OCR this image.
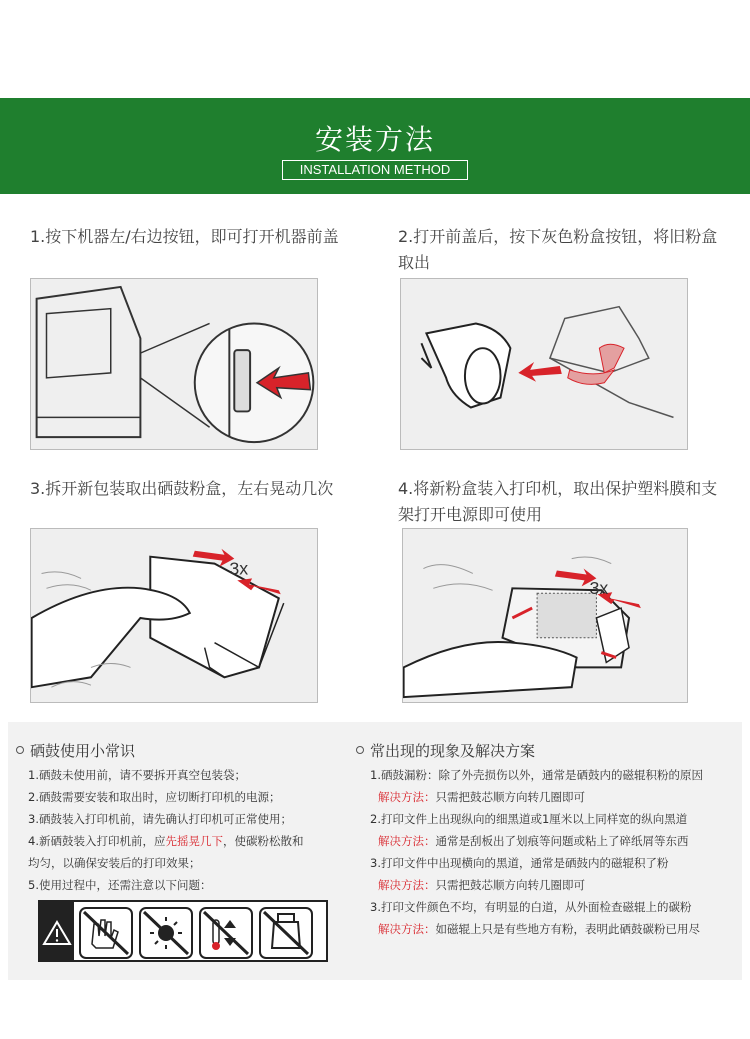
安装方法
INSTALLATION METHOD
1.按下机器左/右边按钮，即可打开机器前盖	2.打开前盖后，按下灰色粉盒按钮，将旧粉盒取出
3.拆开新包装取出硒鼓粉盒，左右晃动几次
3x
4.将新粉盒装入打印机，取出保护塑料膜和支架打开电源即可使用
3x
硒鼓使用小常识
1.硒鼓未使用前，请不要拆开真空包装袋；
2.硒鼓需要安装和取出时，应切断打印机的电源；
3.硒鼓装入打印机前，请先确认打印机可正常使用；
4.新硒鼓装入打印机前，应先摇晃几下，使碳粉松散和
均匀，以确保安装后的打印效果；
5.使用过程中，还需注意以下问题：
常出现的现象及解决方案
1.硒鼓漏粉：除了外壳损伤以外，通常是硒鼓内的磁辊积粉的原因
解决方法：只需把鼓芯顺方向转几圈即可
2.打印文件上出现纵向的细黑道或1厘米以上同样宽的纵向黑道
解决方法：通常是刮板出了划痕等问题或粘上了碎纸屑等东西
3.打印文件中出现横向的黑道，通常是硒鼓内的磁辊积了粉
解决方法：只需把鼓芯顺方向转几圈即可
3.打印文件颜色不均，有明显的白道，从外面检查磁辊上的碳粉
解决方法：如磁辊上只是有些地方有粉，表明此硒鼓碳粉已用尽
